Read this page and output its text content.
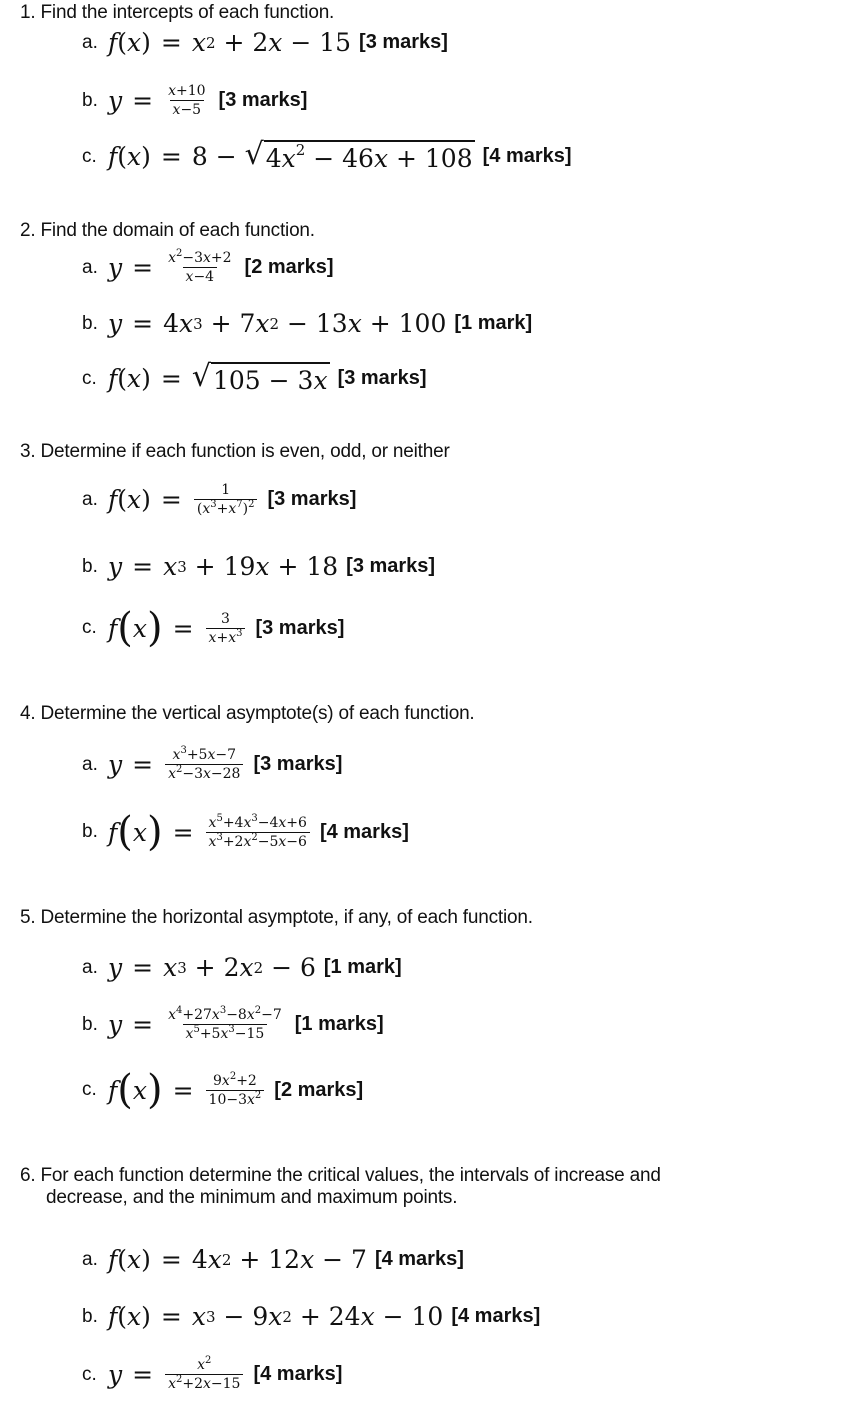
1. Find the intercepts of each function.
a. f ( x ) = x 2 + 2 x − 15 [3 marks]
b. $y = \frac{x+10}{x-5} [3$ marks]
c. f ( x ) = 8 − √ $4x^2 - 46x + 108$ [4 marks]
2. Find the domain of each function.
a. $y = \frac{x^2-3x+2}{x-4} [2$ marks]
b. y = 4 x 3 + 7 x 2 − 13 x + 100 [1 mark]
c. f ( x ) = √ 105 − 3x [3 marks]
3. Determine if each function is even, odd, or neither
a. f ( x ) = $\frac{1}{(x^3+x^7)^2} [3$ marks]
b. y = x 3 + 19 x + 18 [3 marks]
c. f ( x ) = $\frac{3}{x+x^3} [3$ marks]
4. Determine the vertical asymptote(s) of each function.
a. $y = \frac{x^3+5x-7}{x^2-3x-28} [3$ marks]
b. f ( x ) = $\frac{x^5+4x^3-4x+6}{x^3+2x^2-5x-6} [4$ marks]
5. Determine the horizontal asymptote, if any, of each function.
a. y = x 3 + 2 x 2 − 6 [1 mark]
b. $y = \frac{x^4+27x^3-8x^2-7}{x^5+5x^3-15} [1$ marks]
c. f ( x ) = $\frac{9x^2+2}{10-3x^2} [2$ marks]
6. For each function determine the critical values, the intervals of increase and
decrease, and the minimum and maximum points.
a. f ( x ) = 4 x 2 + 12 x − 7 [4 marks]
b. f ( x ) = x 3 − 9 x 2 + 24 x − 10 [4 marks]
c. $y = \frac{x^2}{x^2+2x-15} [4$ marks]
